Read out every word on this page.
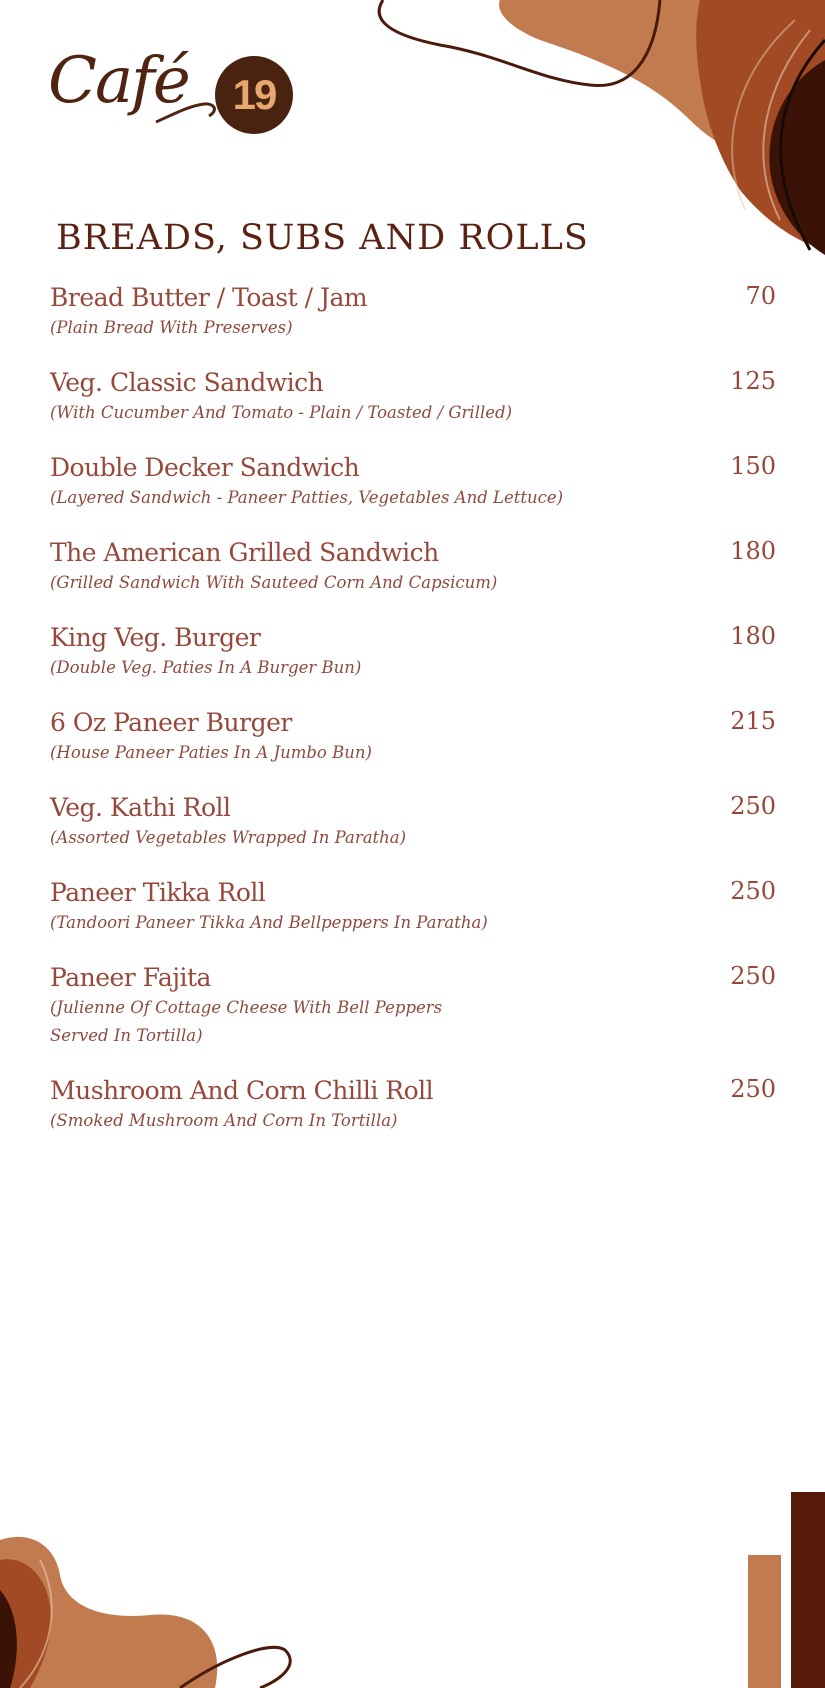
Café 19
BREADS, SUBS AND ROLLS
Bread Butter / Toast / Jam
(Plain Bread With Preserves)
70
Veg. Classic Sandwich
(With Cucumber And Tomato - Plain / Toasted / Grilled)
125
Double Decker Sandwich
(Layered Sandwich - Paneer Patties, Vegetables And Lettuce)
150
The American Grilled Sandwich
(Grilled Sandwich With Sauteed Corn And Capsicum)
180
King Veg. Burger
(Double Veg. Paties In A Burger Bun)
180
6 Oz Paneer Burger
(House Paneer Paties In A Jumbo Bun)
215
Veg. Kathi Roll
(Assorted Vegetables Wrapped In Paratha)
250
Paneer Tikka Roll
(Tandoori Paneer Tikka And Bellpeppers In Paratha)
250
Paneer Fajita
(Julienne Of Cottage Cheese With Bell Peppers
Served In Tortilla)
250
Mushroom And Corn Chilli Roll
(Smoked Mushroom And Corn In Tortilla)
250
